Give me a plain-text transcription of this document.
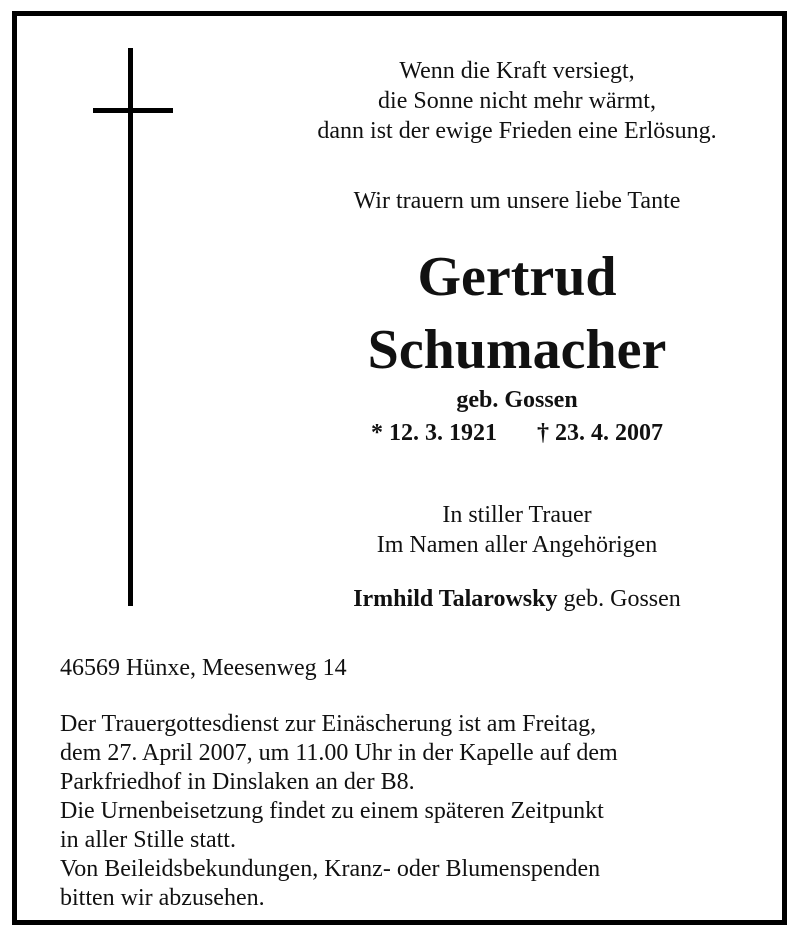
Wenn die Kraft versiegt,
die Sonne nicht mehr wärmt,
dann ist der ewige Frieden eine Erlösung.
Wir trauern um unsere liebe Tante
Gertrud
Schumacher
geb. Gossen
* 12. 3. 1921 † 23. 4. 2007
In stiller Trauer
Im Namen aller Angehörigen
Irmhild Talarowsky geb. Gossen
46569 Hünxe, Meesenweg 14
Der Trauergottesdienst zur Einäscherung ist am Freitag,
dem 27. April 2007, um 11.00 Uhr in der Kapelle auf dem
Parkfriedhof in Dinslaken an der B8.
Die Urnenbeisetzung findet zu einem späteren Zeitpunkt
in aller Stille statt.
Von Beileidsbekundungen, Kranz- oder Blumenspenden
bitten wir abzusehen.
